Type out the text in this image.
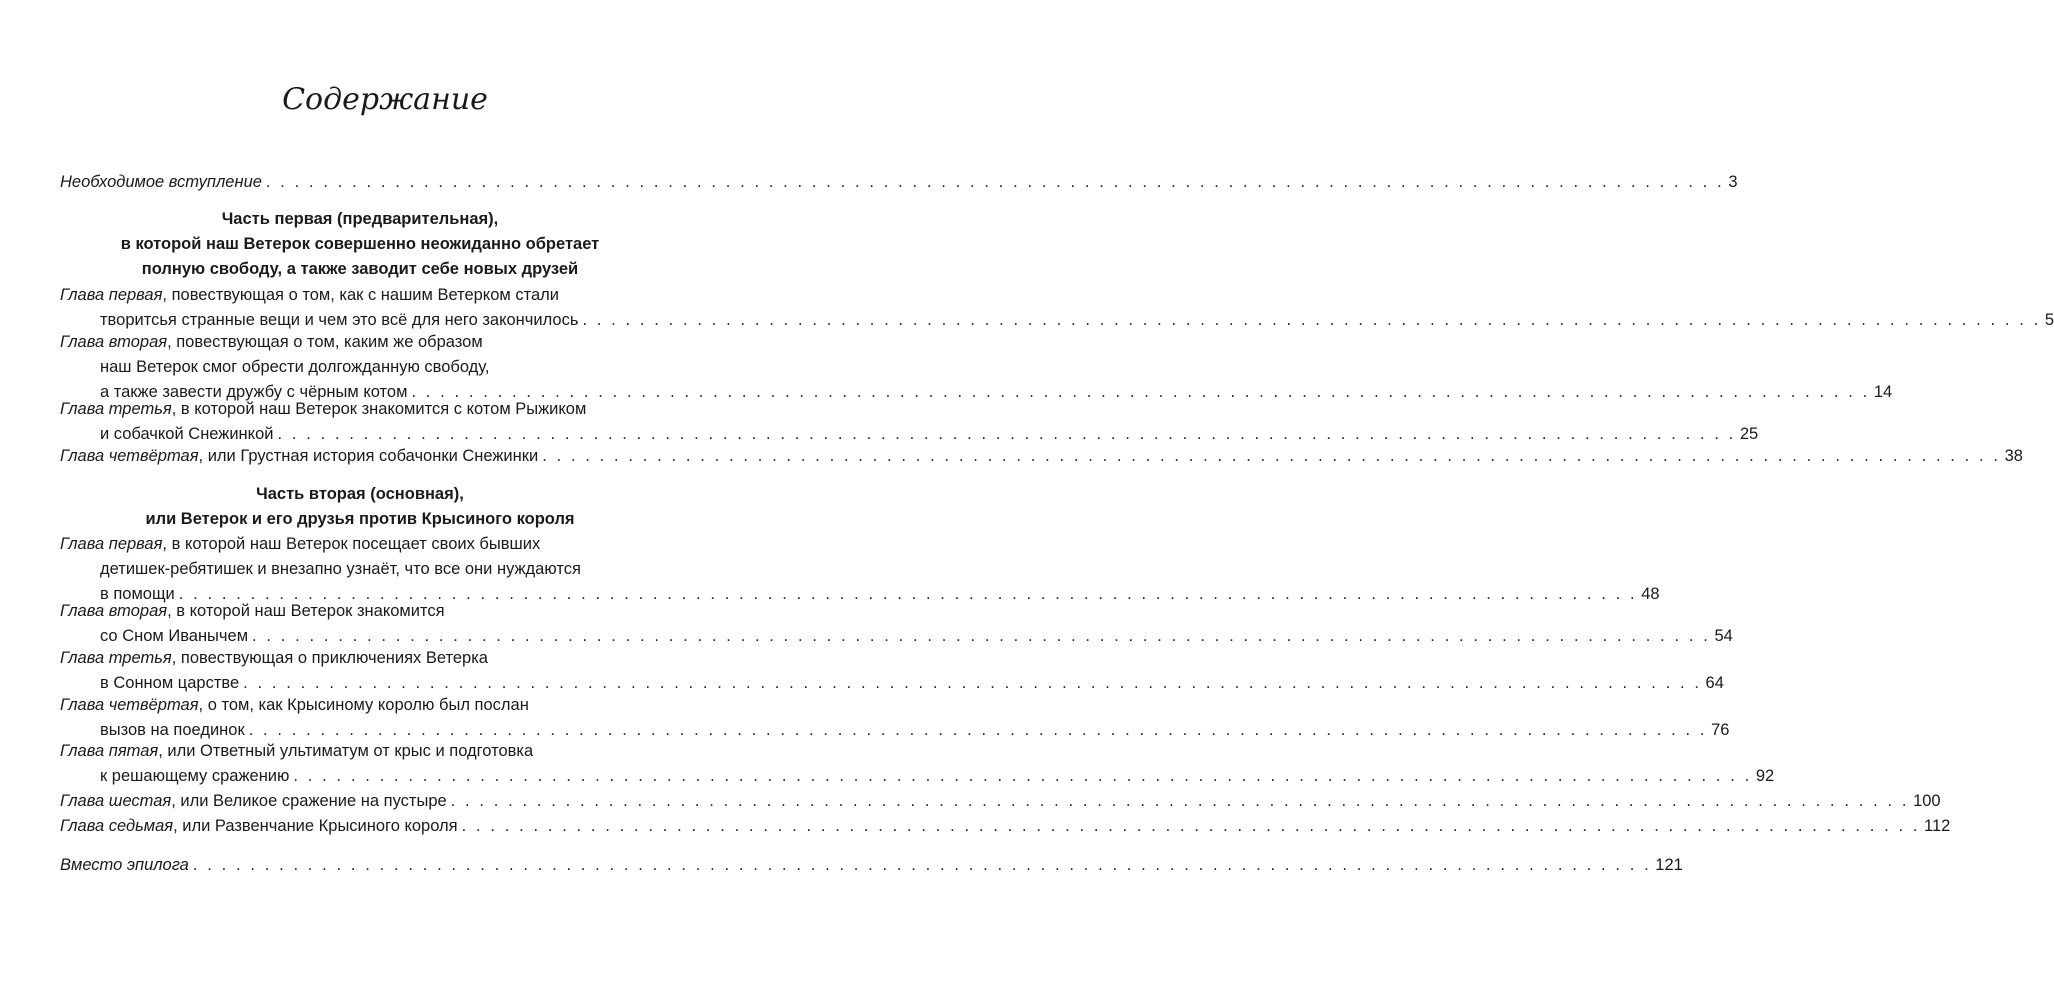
Содержание
Необходимое вступление . . . . . . . . . . . . . . . . . . . . . . . . . . . . . . . . . . . . . . . . . . . . . . . . . . . . . . . . . . . . . . . . . . . . . . . . . . . . . . . . . . . . . . . . . . . . . . . . . . . . . . 3
Часть первая (предварительная),
в которой наш Ветерок совершенно неожиданно обретает
полную свободу, а также заводит себе новых друзей
Глава первая, повествующая о том, как с нашим Ветерком стали
творитсья странные вещи и чем это всё для него закончилось . . . . . . . . . . . . . . . . . . . . . . . . . . . . . . . . . . . . . . . . . . . . . . . . . . . . . . . . . . . . . . . . . . . . . . . . . . . . . . . . . . . . . . . . . . . . . . . . . . . . . . 5
Глава вторая, повествующая о том, каким же образом
наш Ветерок смог обрести долгожданную свободу,
а также завести дружбу с чёрным котом . . . . . . . . . . . . . . . . . . . . . . . . . . . . . . . . . . . . . . . . . . . . . . . . . . . . . . . . . . . . . . . . . . . . . . . . . . . . . . . . . . . . . . . . . . . . . . . . . . . . . . 14
Глава третья, в которой наш Ветерок знакомится с котом Рыжиком
и собачкой Снежинкой . . . . . . . . . . . . . . . . . . . . . . . . . . . . . . . . . . . . . . . . . . . . . . . . . . . . . . . . . . . . . . . . . . . . . . . . . . . . . . . . . . . . . . . . . . . . . . . . . . . . . . 25
Глава четвёртая, или Грустная история собачонки Снежинки . . . . . . . . . . . . . . . . . . . . . . . . . . . . . . . . . . . . . . . . . . . . . . . . . . . . . . . . . . . . . . . . . . . . . . . . . . . . . . . . . . . . . . . . . . . . . . . . . . . . . . 38
Часть вторая (основная),
или Ветерок и его друзья против Крысиного короля
Глава первая, в которой наш Ветерок посещает своих бывших
детишек-ребятишек и внезапно узнаёт, что все они нуждаются
в помощи . . . . . . . . . . . . . . . . . . . . . . . . . . . . . . . . . . . . . . . . . . . . . . . . . . . . . . . . . . . . . . . . . . . . . . . . . . . . . . . . . . . . . . . . . . . . . . . . . . . . . . 48
Глава вторая, в которой наш Ветерок знакомится
со Сном Иванычем . . . . . . . . . . . . . . . . . . . . . . . . . . . . . . . . . . . . . . . . . . . . . . . . . . . . . . . . . . . . . . . . . . . . . . . . . . . . . . . . . . . . . . . . . . . . . . . . . . . . . . 54
Глава третья, повествующая о приключениях Ветерка
в Сонном царстве . . . . . . . . . . . . . . . . . . . . . . . . . . . . . . . . . . . . . . . . . . . . . . . . . . . . . . . . . . . . . . . . . . . . . . . . . . . . . . . . . . . . . . . . . . . . . . . . . . . . . . 64
Глава четвёртая, о том, как Крысиному королю был послан
вызов на поединок . . . . . . . . . . . . . . . . . . . . . . . . . . . . . . . . . . . . . . . . . . . . . . . . . . . . . . . . . . . . . . . . . . . . . . . . . . . . . . . . . . . . . . . . . . . . . . . . . . . . . . 76
Глава пятая, или Ответный ультиматум от крыс и подготовка
к решающему сражению . . . . . . . . . . . . . . . . . . . . . . . . . . . . . . . . . . . . . . . . . . . . . . . . . . . . . . . . . . . . . . . . . . . . . . . . . . . . . . . . . . . . . . . . . . . . . . . . . . . . . . 92
Глава шестая, или Великое сражение на пустыре . . . . . . . . . . . . . . . . . . . . . . . . . . . . . . . . . . . . . . . . . . . . . . . . . . . . . . . . . . . . . . . . . . . . . . . . . . . . . . . . . . . . . . . . . . . . . . . . . . . . . . 100
Глава седьмая, или Развенчание Крысиного короля . . . . . . . . . . . . . . . . . . . . . . . . . . . . . . . . . . . . . . . . . . . . . . . . . . . . . . . . . . . . . . . . . . . . . . . . . . . . . . . . . . . . . . . . . . . . . . . . . . . . . . 112
Вместо эпилога . . . . . . . . . . . . . . . . . . . . . . . . . . . . . . . . . . . . . . . . . . . . . . . . . . . . . . . . . . . . . . . . . . . . . . . . . . . . . . . . . . . . . . . . . . . . . . . . . . . . . . 121
